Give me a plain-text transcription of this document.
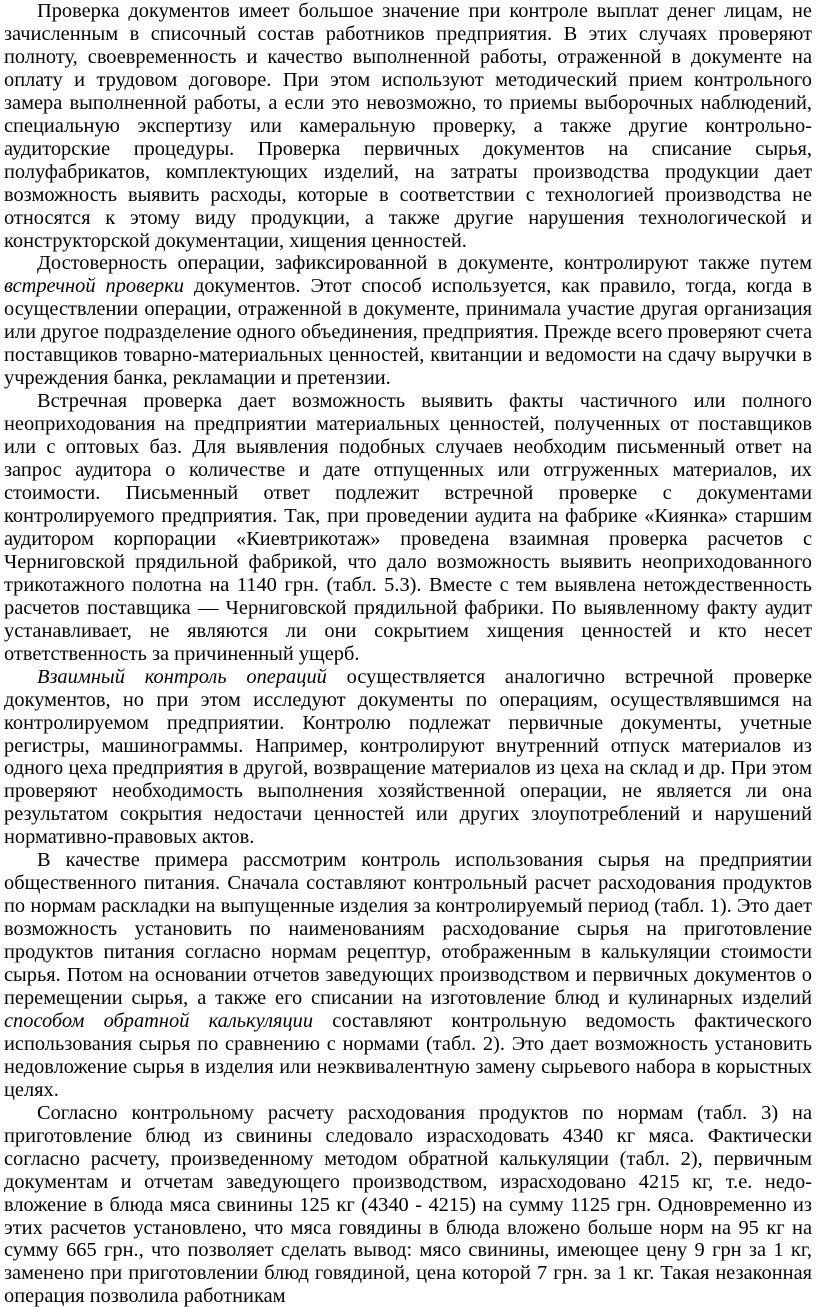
Проверка документов имеет большое значение при контроле выплат денег лицам, не зачисленным в списочный состав работников предприятия. В этих случаях проверяют полноту, своевременность и качество выполненной работы, отраженной в документе на оплату и трудовом договоре. При этом используют методический прием контрольного замера выполненной работы, а если это невозможно, то приемы выборочных наблюдений, специальную экспертизу или камеральную проверку, а также другие контрольно-аудиторские процедуры. Проверка первичных документов на списание сырья, полуфабрикатов, комплектующих изделий, на затраты производства продукции дает возможность выявить расходы, которые в соответствии с технологией производства не относятся к этому виду продукции, а также другие нарушения технологической и конструкторской документации, хищения ценностей.

Достоверность операции, зафиксированной в документе, контролируют также путем встречной проверки документов. Этот способ используется, как правило, тогда, когда в осуществлении операции, отраженной в документе, принимала участие другая организация или другое подразделение одного объединения, предприятия. Прежде всего проверяют счета поставщиков товарно-материальных ценностей, квитанции и ведомости на сдачу выручки в учреждения банка, рекламации и претензии.

Встречная проверка дает возможность выявить факты частичного или полного неоприходования на предприятии материальных ценностей, полученных от поставщиков или с оптовых баз. Для выявления подобных случаев необходим письменный ответ на запрос аудитора о количестве и дате отпущенных или отгруженных материалов, их стоимости. Письменный ответ подлежит встречной проверке с документами контролируемого предприятия. Так, при проведении аудита на фабрике «Киянка» старшим аудитором корпорации «Киевтрикотаж» проведена взаимная проверка расчетов с Черниговской прядильной фабрикой, что дало возможность выявить неоприходованного трикотажного полотна на 1140 грн. (табл. 5.3). Вместе с тем выявлена нетождественность расчетов поставщика — Черниговской прядильной фабрики. По выявленному факту аудит устанавливает, не являются ли они сокрытием хищения ценностей и кто несет ответственность за причиненный ущерб.

Взаимный контроль операций осуществляется аналогично встречной проверке документов, но при этом исследуют документы по операциям, осуществлявшимся на контролируемом предприятии. Контролю подлежат первичные документы, учетные регистры, машинограммы. Например, контролируют внутренний отпуск материалов из одного цеха предприятия в другой, возвращение материалов из цеха на склад и др. При этом проверяют необходимость выполнения хозяйственной операции, не является ли она результатом сокрытия недостачи ценностей или других злоупотреблений и нарушений нормативно-правовых актов.

В качестве примера рассмотрим контроль использования сырья на предприятии общественного питания. Сначала составляют контрольный расчет расходования продуктов по нормам раскладки на выпущенные изделия за контролируемый период (табл. 1). Это дает возможность установить по наименованиям расходование сырья на приготовление продуктов питания согласно нормам рецептур, отображенным в калькуляции стоимости сырья. Потом на основании отчетов заведующих производством и первичных документов о перемещении сырья, а также его списании на изготовление блюд и кулинарных изделий способом обратной калькуляции составляют контрольную ведомость фактического использования сырья по сравнению с нормами (табл. 2). Это дает возможность установить недовложение сырья в изделия или неэквивалентную замену сырьевого набора в корыстных целях.

Согласно контрольному расчету расходования продуктов по нормам (табл. 3) на приготовление блюд из свинины следовало израсходовать 4340 кг мяса. Фактически согласно расчету, произведенному методом обратной калькуляции (табл. 2), первичным документам и отчетам заведующего производством, израсходовано 4215 кг, т.е. недо-вложение в блюда мяса свинины 125 кг (4340 - 4215) на сумму 1125 грн. Одновременно из этих расчетов установлено, что мяса говядины в блюда вложено больше норм на 95 кг на сумму 665 грн., что позволяет сделать вывод: мясо свинины, имеющее цену 9 грн за 1 кг, заменено при приготовлении блюд говядиной, цена которой 7 грн. за 1 кг. Такая незаконная операция позволила работникам
